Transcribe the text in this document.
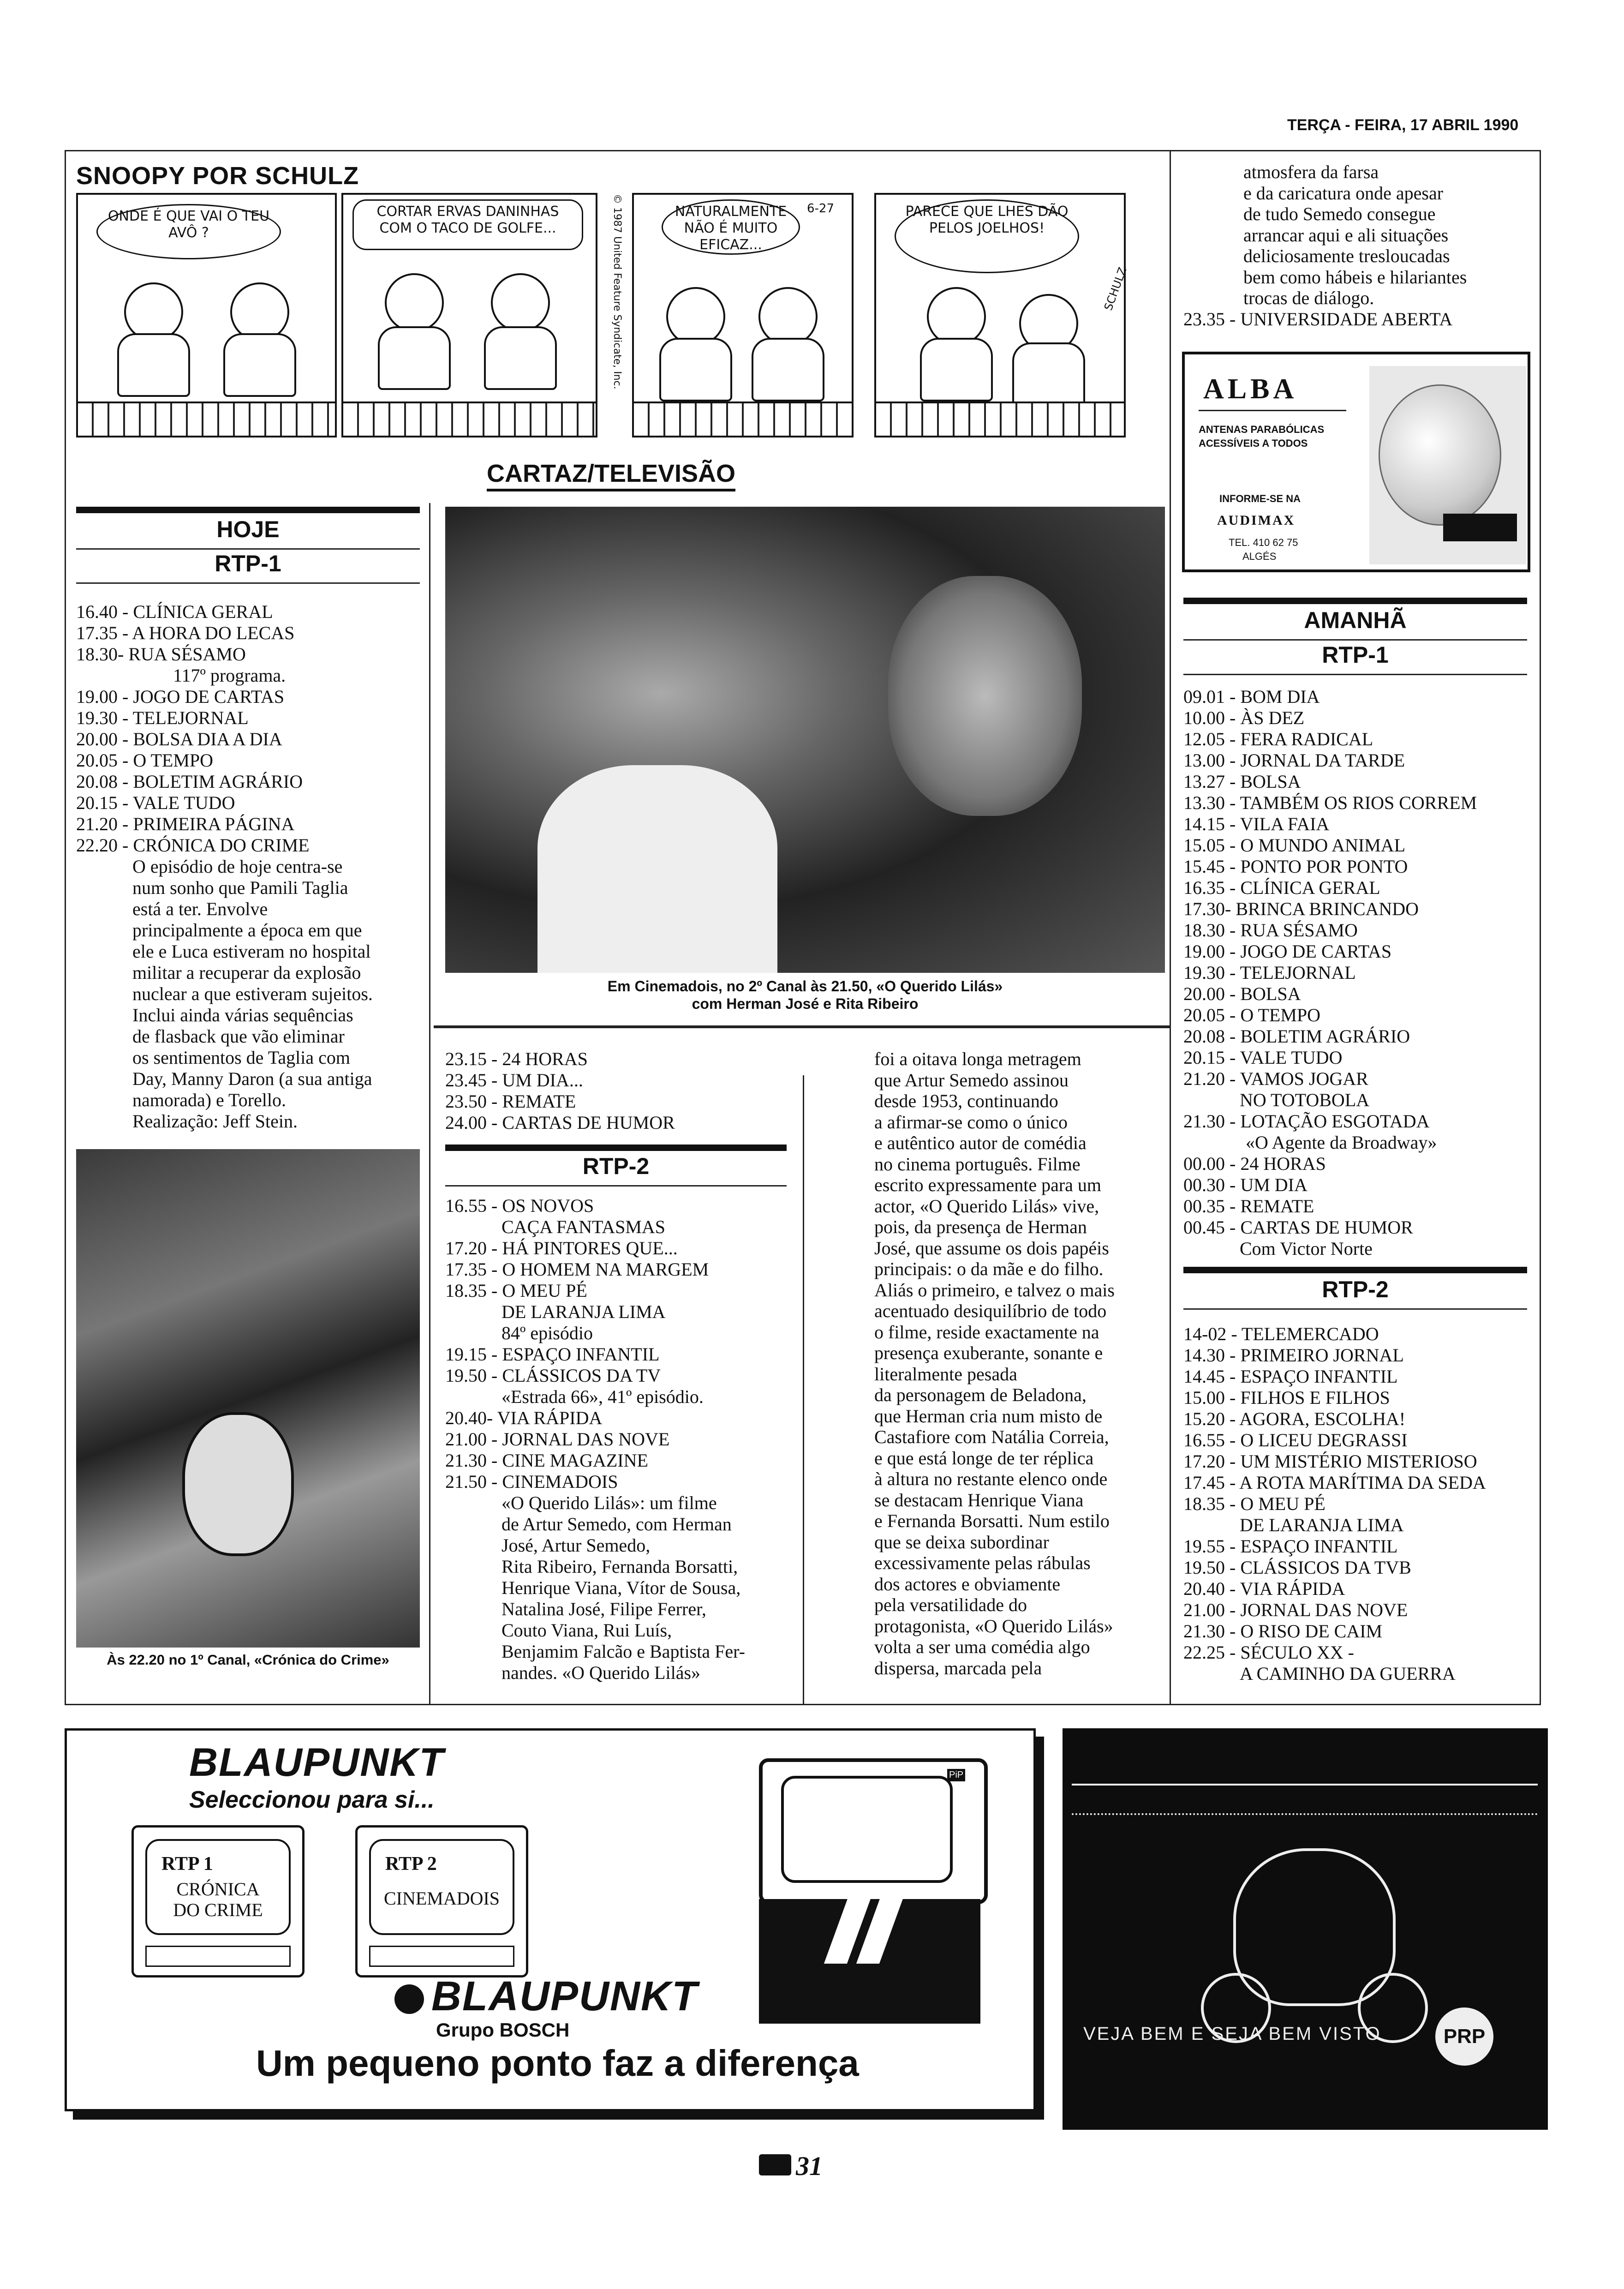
TERÇA - FEIRA, 17 ABRIL 1990
SNOOPY POR SCHULZ
ONDE É QUE VAI O TEU AVÔ ?
CORTAR ERVAS DANINHAS COM O TACO DE GOLFE...	© 1987 United Feature Syndicate, Inc.	NATURALMENTE NÃO É MUITO EFICAZ...
6-27	PARECE QUE LHES DÃO PELOS JOELHOS!
SCHULZ
CARTAZ/TELEVISÃO
HOJE
RTP-1
16.40 - CLÍNICA GERAL
17.35 - A HORA DO LECAS
18.30- RUA SÉSAMO
117º programa.
19.00 - JOGO DE CARTAS
19.30 - TELEJORNAL
20.00 - BOLSA DIA A DIA
20.05 - O TEMPO
20.08 - BOLETIM AGRÁRIO
20.15 - VALE TUDO
21.20 - PRIMEIRA PÁGINA
22.20 - CRÓNICA DO CRIME
O episódio de hoje centra-se
num sonho que Pamili Taglia
está a ter. Envolve
principalmente a época em que
ele e Luca estiveram no hospital
militar a recuperar da explosão
nuclear a que estiveram sujeitos.
Inclui ainda várias sequências
de flasback que vão eliminar
os sentimentos de Taglia com
Day, Manny Daron (a sua antiga
namorada) e Torello.
Realização: Jeff Stein.
Às 22.20 no 1º Canal, «Crónica do Crime»
Em Cinemadois, no 2º Canal às 21.50, «O Querido Lilás»
com Herman José e Rita Ribeiro
23.15 - 24 HORAS
23.45 - UM DIA...
23.50 - REMATE
24.00 - CARTAS DE HUMOR
RTP-2
16.55 - OS NOVOS
CAÇA FANTASMAS
17.20 - HÁ PINTORES QUE...
17.35 - O HOMEM NA MARGEM
18.35 - O MEU PÉ
DE LARANJA LIMA
84º episódio
19.15 - ESPAÇO INFANTIL
19.50 - CLÁSSICOS DA TV
«Estrada 66», 41º episódio.
20.40- VIA RÁPIDA
21.00 - JORNAL DAS NOVE
21.30 - CINE MAGAZINE
21.50 - CINEMADOIS
«O Querido Lilás»: um filme
de Artur Semedo, com Herman
José, Artur Semedo,
Rita Ribeiro, Fernanda Borsatti,
Henrique Viana, Vítor de Sousa,
Natalina José, Filipe Ferrer,
Couto Viana, Rui Luís,
Benjamim Falcão e Baptista Fer-
nandes. «O Querido Lilás»
foi a oitava longa metragem
que Artur Semedo assinou
desde 1953, continuando
a afirmar-se como o único
e autêntico autor de comédia
no cinema português. Filme
escrito expressamente para um
actor, «O Querido Lilás» vive,
pois, da presença de Herman
José, que assume os dois papéis
principais: o da mãe e do filho.
Aliás o primeiro, e talvez o mais
acentuado desiquilíbrio de todo
o filme, reside exactamente na
presença exuberante, sonante e
literalmente pesada
da personagem de Beladona,
que Herman cria num misto de
Castafiore com Natália Correia,
e que está longe de ter réplica
à altura no restante elenco onde
se destacam Henrique Viana
e Fernanda Borsatti. Num estilo
que se deixa subordinar
excessivamente pelas rábulas
dos actores e obviamente
pela versatilidade do
protagonista, «O Querido Lilás»
volta a ser uma comédia algo
dispersa, marcada pela
atmosfera da farsa
e da caricatura onde apesar
de tudo Semedo consegue
arrancar aqui e ali situações
deliciosamente tresloucadas
bem como hábeis e hilariantes
trocas de diálogo.
23.35 - UNIVERSIDADE ABERTA
ALBA
ANTENAS PARABÓLICAS
ACESSÍVEIS A TODOS
INFORME-SE NA
AUDIMAX
TEL. 410 62 75
ALGÉS
AMANHÃ
RTP-1
09.01 - BOM DIA
10.00 - ÀS DEZ
12.05 - FERA RADICAL
13.00 - JORNAL DA TARDE
13.27 - BOLSA
13.30 - TAMBÉM OS RIOS CORREM
14.15 - VILA FAIA
15.05 - O MUNDO ANIMAL
15.45 - PONTO POR PONTO
16.35 - CLÍNICA GERAL
17.30- BRINCA BRINCANDO
18.30 - RUA SÉSAMO
19.00 - JOGO DE CARTAS
19.30 - TELEJORNAL
20.00 - BOLSA
20.05 - O TEMPO
20.08 - BOLETIM AGRÁRIO
20.15 - VALE TUDO
21.20 - VAMOS JOGAR
NO TOTOBOLA
21.30 - LOTAÇÃO ESGOTADA
«O Agente da Broadway»
00.00 - 24 HORAS
00.30 - UM DIA
00.35 - REMATE
00.45 - CARTAS DE HUMOR
Com Victor Norte
RTP-2
14-02 - TELEMERCADO
14.30 - PRIMEIRO JORNAL
14.45 - ESPAÇO INFANTIL
15.00 - FILHOS E FILHOS
15.20 - AGORA, ESCOLHA!
16.55 - O LICEU DEGRASSI
17.20 - UM MISTÉRIO MISTERIOSO
17.45 - A ROTA MARÍTIMA DA SEDA
18.35 - O MEU PÉ
DE LARANJA LIMA
19.55 - ESPAÇO INFANTIL
19.50 - CLÁSSICOS DA TVB
20.40 - VIA RÁPIDA
21.00 - JORNAL DAS NOVE
21.30 - O RISO DE CAIM
22.25 - SÉCULO XX -
A CAMINHO DA GUERRA
BLAUPUNKT
Seleccionou para si...
RTP 1
CRÓNICA
DO CRIME
RTP 2
CINEMADOIS
PiP
BLAUPUNKT
Grupo BOSCH
Um pequeno ponto faz a diferença
VEJA BEM E SEJA BEM VISTO	PRP
31
